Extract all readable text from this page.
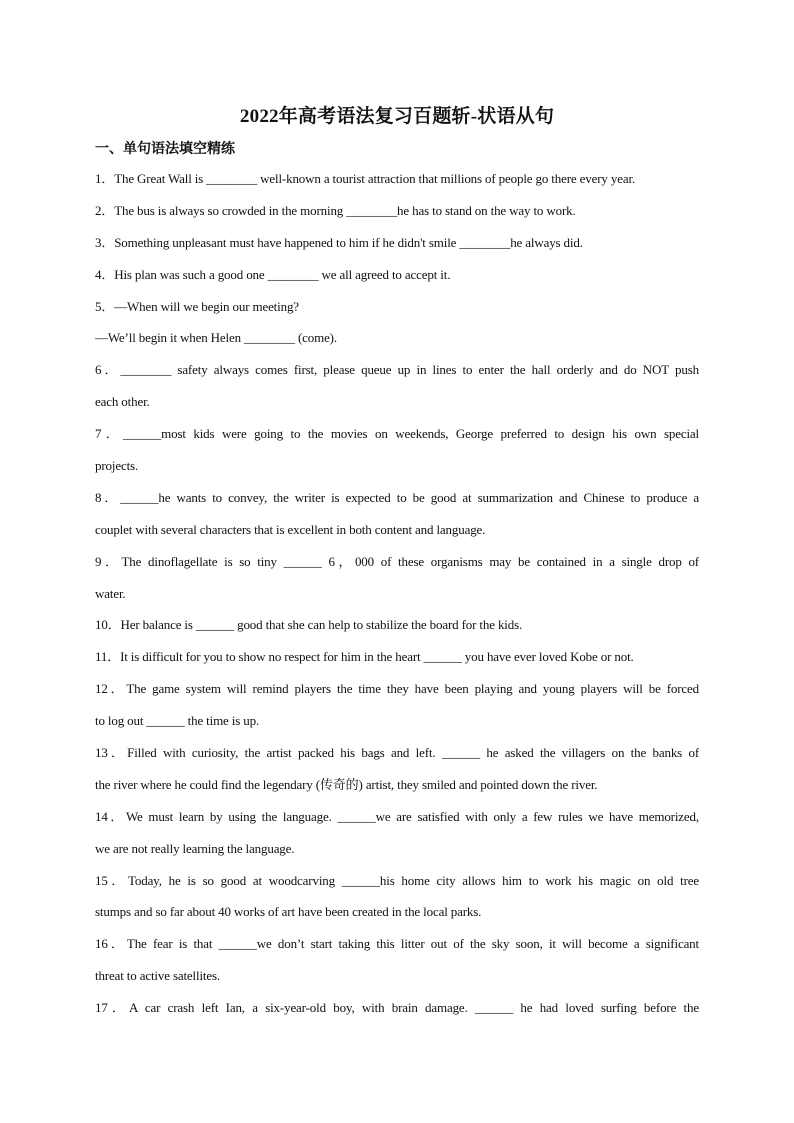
2022年高考语法复习百题斩-状语从句
一、单句语法填空精练
1．The Great Wall is ________ well-known a tourist attraction that millions of people go there every year.
2．The bus is always so crowded in the morning ________he has to stand on the way to work.
3．Something unpleasant must have happened to him if he didn't smile ________he always did.
4．His plan was such a good one ________ we all agreed to accept it.
5．—When will we begin our meeting?
—We’ll begin it when Helen ________ (come).
6．________ safety always comes first, please queue up in lines to enter the hall orderly and do NOT push
each other.
7．______most kids were going to the movies on weekends, George preferred to design his own special
projects.
8．______he wants to convey, the writer is expected to be good at summarization and Chinese to produce a
couplet with several characters that is excellent in both content and language.
9．The dinoflagellate is so tiny ______ 6，000 of these organisms may be contained in a single drop of
water.
10．Her balance is ______ good that she can help to stabilize the board for the kids.
11．It is difficult for you to show no respect for him in the heart ______ you have ever loved Kobe or not.
12．The game system will remind players the time they have been playing and young players will be forced
to log out ______ the time is up.
13．Filled with curiosity, the artist packed his bags and left. ______ he asked the villagers on the banks of
the river where he could find the legendary (传奇的) artist, they smiled and pointed down the river.
14．We must learn by using the language. ______we are satisfied with only a few rules we have memorized,
we are not really learning the language.
15．Today, he is so good at woodcarving ______his home city allows him to work his magic on old tree
stumps and so far about 40 works of art have been created in the local parks.
16．The fear is that ______we don’t start taking this litter out of the sky soon, it will become a significant
threat to active satellites.
17．A car crash left Ian, a six-year-old boy, with brain damage. ______ he had loved surfing before the
